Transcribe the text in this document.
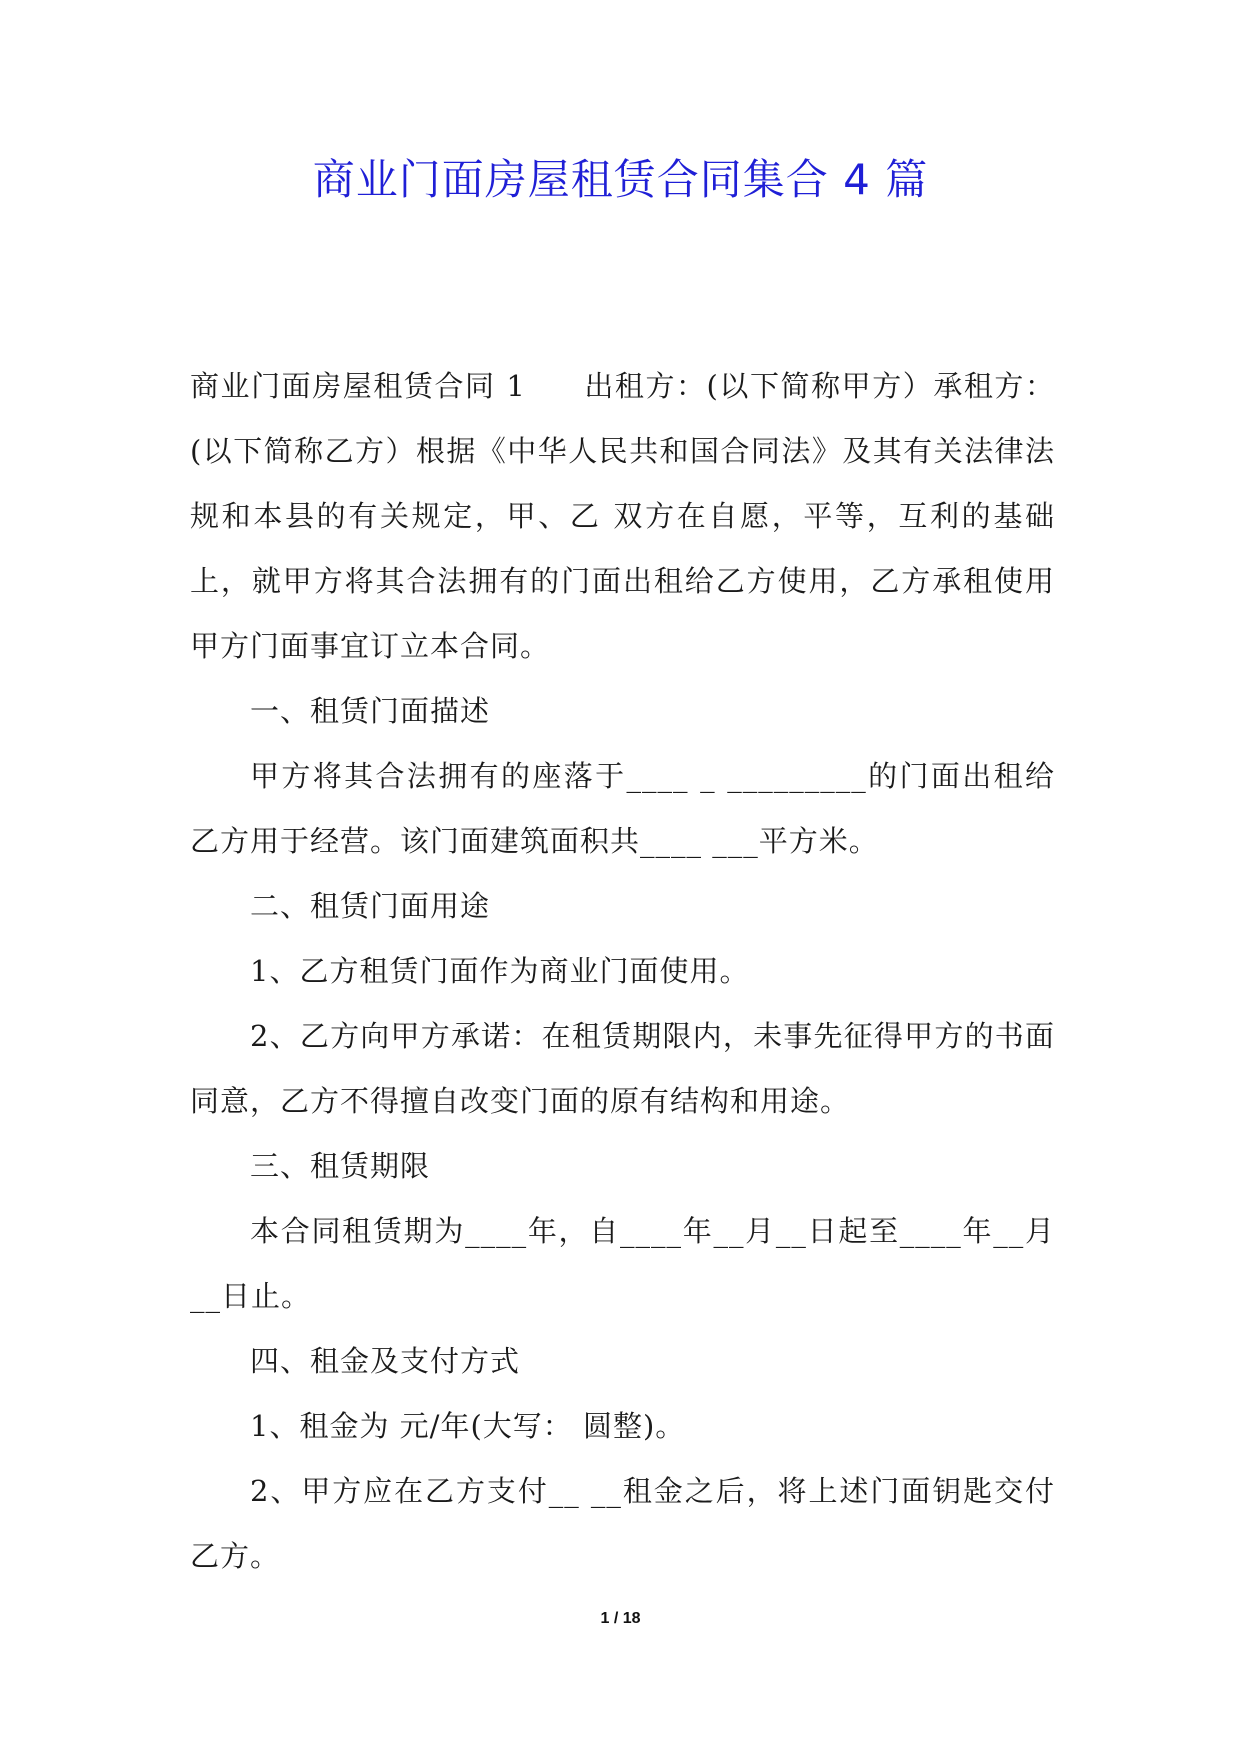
商业门面房屋租赁合同集合 4 篇

商业门面房屋租赁合同 1 出租方：(以下简称甲方）承租方：(以下简称乙方）根据《中华人民共和国合同法》及其有关法律法规和本县的有关规定，甲、乙 双方在自愿，平等，互利的基础上，就甲方将其合法拥有的门面出租给乙方使用，乙方承租使用甲方门面事宜订立本合同。

一、租赁门面描述

甲方将其合法拥有的座落于____ _ _________的门面出租给乙方用于经营。该门面建筑面积共____ ___平方米。

二、租赁门面用途

1、乙方租赁门面作为商业门面使用。

2、乙方向甲方承诺：在租赁期限内，未事先征得甲方的书面同意，乙方不得擅自改变门面的原有结构和用途。

三、租赁期限

本合同租赁期为____年，自____年__月__日起至____年__月__日止。

四、租金及支付方式

1、租金为 元/年(大写： 圆整)。

2、甲方应在乙方支付__ __租金之后，将上述门面钥匙交付乙方。

1 / 18
